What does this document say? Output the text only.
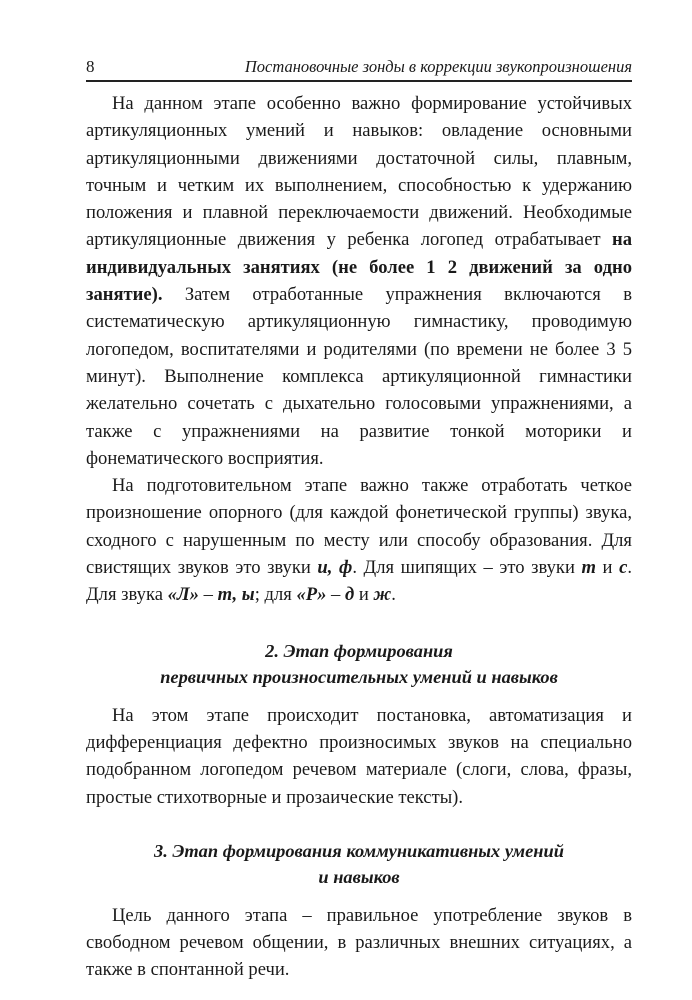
8	Постановочные зонды в коррекции звукопроизношения

На данном этапе особенно важно формирование устойчивых артикуляционных умений и навыков: овладение основными артикуляционными движениями достаточной силы, плавным, точным и четким их выполнением, способностью к удержанию положения и плавной переключаемости движений. Необходимые артикуляционные движения у ребенка логопед отрабатывает на индивидуальных занятиях (не более 1 2 движений за одно занятие). Затем отработанные упражнения включаются в систематическую артикуляционную гимнастику, проводимую логопедом, воспитателями и родителями (по времени не более 3 5 минут). Выполнение комплекса артикуляционной гимнастики желательно сочетать с дыхательно голосовыми упражнениями, а также с упражнениями на развитие тонкой моторики и фонематического восприятия.

На подготовительном этапе важно также отработать четкое произношение опорного (для каждой фонетической группы) звука, сходного с нарушенным по месту или способу образования. Для свистящих звуков это звуки и, ф. Для шипящих – это звуки т и с. Для звука «Л» – т, ы; для «Р» – д и ж.

2. Этап формирования
первичных произносительных умений и навыков

На этом этапе происходит постановка, автоматизация и дифференциация дефектно произносимых звуков на специально подобранном логопедом речевом материале (слоги, слова, фразы, простые стихотворные и прозаические тексты).

3. Этап формирования коммуникативных умений
и навыков

Цель данного этапа – правильное употребление звуков в свободном речевом общении, в различных внешних ситуациях, а также в спонтанной речи.
